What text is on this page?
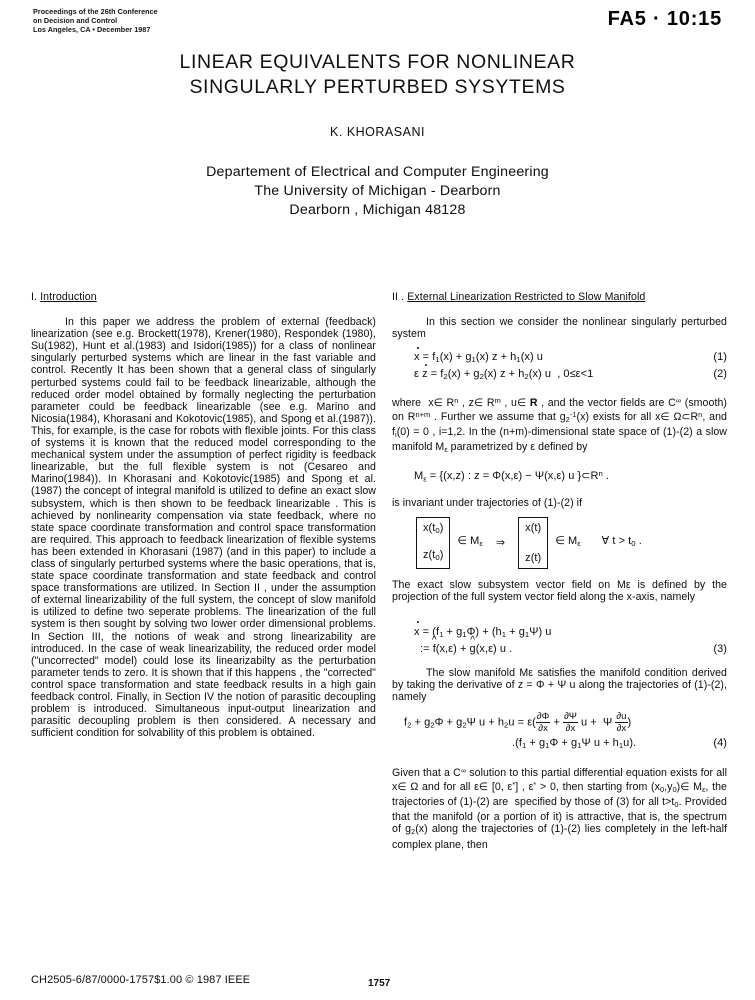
Proceedings of the 26th Conference
on Decision and Control
Los Angeles, CA • December 1987	FA5 · 10:15
LINEAR EQUIVALENTS FOR NONLINEAR
SINGULARLY PERTURBED SYSYTEMS
K. KHORASANI
Departement of Electrical and Computer Engineering
The University of Michigan - Dearborn
Dearborn , Michigan 48128
I. Introduction

In this paper we address the problem of external (feedback) linearization (see e.g. Brockett(1978), Krener(1980), Respondek (1980), Su(1982), Hunt et al.(1983) and Isidori(1985)) for a class of nonlinear singularly perturbed systems which are linear in the fast variable and control. Recently It has been shown that a general class of singularly perturbed systems could fail to be feedback linearizable, although the reduced order model obtained by formally neglecting the perturbation parameter could be feedback linearizable (see e.g. Marino and Nicosia(1984), Khorasani and Kokotovic(1985), and Spong et al.(1987)). This, for example, is the case for robots with flexible joints. For this class of systems it is known that the reduced model corresponding to the mechanical system under the assumption of perfect rigidity is feedback linearizable, but the full flexible system is not (Cesareo and Marino(1984)). In Khorasani and Kokotovic(1985) and Spong et al. (1987) the concept of integral manifold is utilized to define an exact slow subsystem, which is then shown to be feedback linearizable . This is achieved by nonlinearity compensation via state feedback, where no state space coordinate transformation and control space transformation are required. This approach to feedback linearization of flexible systems has been extended in Khorasani (1987) (and in this paper) to include a class of singularly perturbed systems where the basic operations, that is, state space coordinate transformation and state feedback and control space transformations are utilized. In Section II , under the assumption of external linearizability of the full system, the concept of slow manifold is utilized to define two seperate problems. The linearization of the full system is then sought by solving two lower order dimensional problems. In Section III, the notions of weak and strong linearizability are introduced. In the case of weak linearizability, the reduced order model ("uncorrected" model) could lose its linearizabilty as the perturbation parameter tends to zero. It is shown that if this happens , the "corrected" control space transformation and state feedback results in a high gain feedback control. Finally, in Section IV the notion of parasitic decoupling problem is introduced. Simultaneous input-output linearization and parasitic decoupling problem is then considered. A necessary and sufficient condition for solvability of this problem is obtained.

II . External Linearization Restricted to Slow Manifold

In this section we consider the nonlinear singularly perturbed system

$x = f_1(x) + g_1(x) z + h_1(x)$ u	(1)
ε $z = f_2(x) + g_2(x) z + h_2(x)$ u  , 0≤ε<1	(2)

where  x∈ $R^n$ , z∈ $R^m$ , u∈ R , and the vector fields are C∞ (smooth) on $R^{n+m}$ . Further we assume that $g_2^{-1}(x)$ exists for all x∈ $\Omega\subset R^n$, and $f_i(0) = 0$ , i=1,2. In the (n+m)-dimensional state space of (1)-(2) a slow manifold $M_\varepsilon$ parametrized by ε defined by

$M_\varepsilon = \{(x,z)$ : z = Φ(x,ε) − Ψ(x,ε) u }$\subset R^n$ .

is invariant under trajectories of (1)-(2) if

$x(t_0)$
$z(t_0)$
∈ $M_\varepsilon$ ⇒
x(t)
z(t)
∈ $M_\varepsilon$ ∀ $t > t_0$ .

The exact slow subsystem vector field on Mε is defined by the projection of the full system vector field along the x-axis, namely

$x = (f_1 + g_1\Phi) + (h_1 + g_1\Psi)$ u
:= ^ f(x,ε) + ^ g(x,ε) u .	(3)

The slow manifold Mε satisfies the manifold condition derived by taking the derivative of z = Φ + Ψ u along the trajectories of (1)-(2), namely

$f_2 + g_2\Phi + g_2\Psi$ $u + h_2u = \varepsilon( \frac{\partial\Phi}{\partial x} + \frac{\partial\Psi}{\partial x}$ u +  Ψ $\frac{\partial u}{\partial x}$ )
$.(f_1 + g_1\Phi + g_1\Psi$ $u + h_1u$).	(4)

Given that a C∞ solution to this partial differential equation exists for all x∈ Ω and for all ε∈ [0, ε*] , ε* > 0, then starting from $(x_0,y_0)\in$ $M_\varepsilon$, the trajectories of (1)-(2) are  specified by those of (3) for all $t>t_0$. Provided that the manifold (or a portion of it) is attractive, that is, the spectrum of $g_2(x)$ along the trajectories of (1)-(2) lies completely in the left-half complex plane, then

CH2505-6/87/0000-1757$1.00 © 1987 IEEE	1757
